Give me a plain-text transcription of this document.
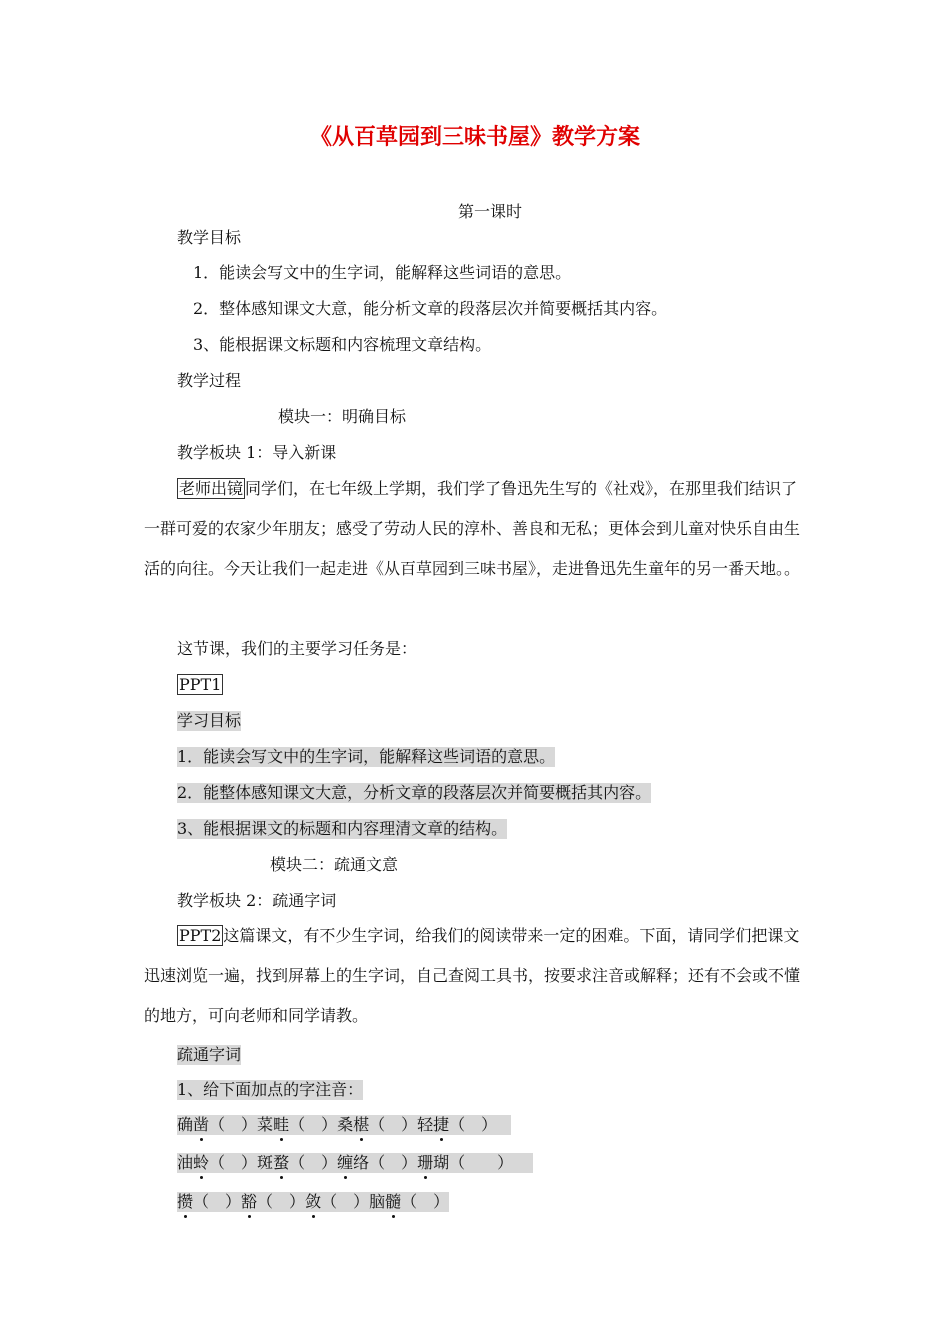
《从百草园到三味书屋》教学方案
第一课时
教学目标
1．能读会写文中的生字词，能解释这些词语的意思。
2．整体感知课文大意，能分析文章的段落层次并简要概括其内容。
3、能根据课文标题和内容梳理文章结构。
教学过程
模块一：明确目标
教学板块 1：导入新课
老师出镜 同学们，在七年级上学期，我们学了鲁迅先生写的《社戏》，在那里我们结识了一群可爱的农家少年朋友；感受了劳动人民的淳朴、善良和无私；更体会到儿童对快乐自由生活的向往。今天让我们一起走进《从百草园到三味书屋》，走进鲁迅先生童年的另一番天地。。
这节课，我们的主要学习任务是：
PPT1
学习目标
1．能读会写文中的生字词，能解释这些词语的意思。
2．能整体感知课文大意，分析文章的段落层次并简要概括其内容。
3、能根据课文的标题和内容理清文章的结构。
模块二：疏通文意
教学板块 2：疏通字词
PPT2 这篇课文，有不少生字词，给我们的阅读带来一定的困难。下面，请同学们把课文迅速浏览一遍，找到屏幕上的生字词，自己查阅工具书，按要求注音或解释；还有不会或不懂的地方，可向老师和同学请教。
疏通字词
1、给下面加点的字注音：
确凿（　）菜畦（　）桑椹（　）轻捷（　）
油蛉（　）斑蝥（　）缠络（　）珊瑚（　　）
攒（　）豁（　）敛（　）脑髓（　）
